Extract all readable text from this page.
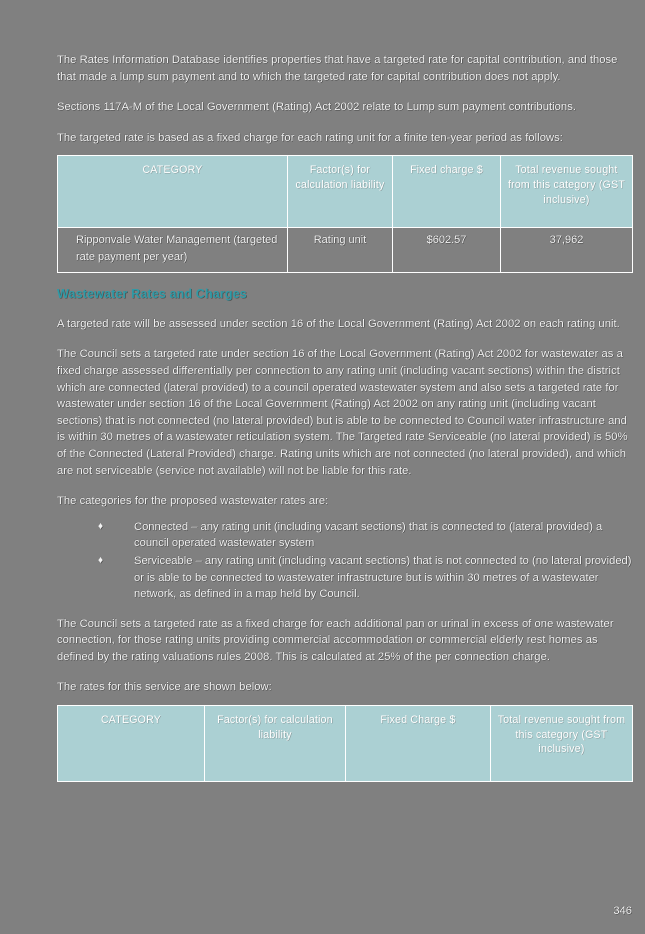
The Rates Information Database identifies properties that have a targeted rate for capital contribution, and those that made a lump sum payment and to which the targeted rate for capital contribution does not apply.

Sections 117A-M of the Local Government (Rating) Act 2002 relate to Lump sum payment contributions.

The targeted rate is based as a fixed charge for each rating unit for a finite ten-year period as follows:

CATEGORY	Factor(s) for calculation liability	Fixed charge $	Total revenue sought from this category (GST inclusive)
Ripponvale Water Management (targeted rate payment per year)	Rating unit	$602.57	37,962
Wastewater Rates and Charges

A targeted rate will be assessed under section 16 of the Local Government (Rating) Act 2002 on each rating unit.

The Council sets a targeted rate under section 16 of the Local Government (Rating) Act 2002 for wastewater as a fixed charge assessed differentially per connection to any rating unit (including vacant sections) within the district which are connected (lateral provided) to a council operated wastewater system and also sets a targeted rate for wastewater under section 16 of the Local Government (Rating) Act 2002 on any rating unit (including vacant sections) that is not connected (no lateral provided) but is able to be connected to Council water infrastructure and is within 30 metres of a wastewater reticulation system. The Targeted rate Serviceable (no lateral provided) is 50% of the Connected (Lateral Provided) charge. Rating units which are not connected (no lateral provided), and which are not serviceable (service not available) will not be liable for this rate.

The categories for the proposed wastewater rates are:

♦	Connected – any rating unit (including vacant sections) that is connected to (lateral provided) a council operated wastewater system
♦	Serviceable – any rating unit (including vacant sections) that is not connected to (no lateral provided) or is able to be connected to wastewater infrastructure but is within 30 metres of a wastewater network, as defined in a map held by Council.

The Council sets a targeted rate as a fixed charge for each additional pan or urinal in excess of one wastewater connection, for those rating units providing commercial accommodation or commercial elderly rest homes as defined by the rating valuations rules 2008. This is calculated at 25% of the per connection charge.

The rates for this service are shown below:

CATEGORY	Factor(s) for calculation liability	Fixed Charge $	Total revenue sought from this category (GST inclusive)
346
